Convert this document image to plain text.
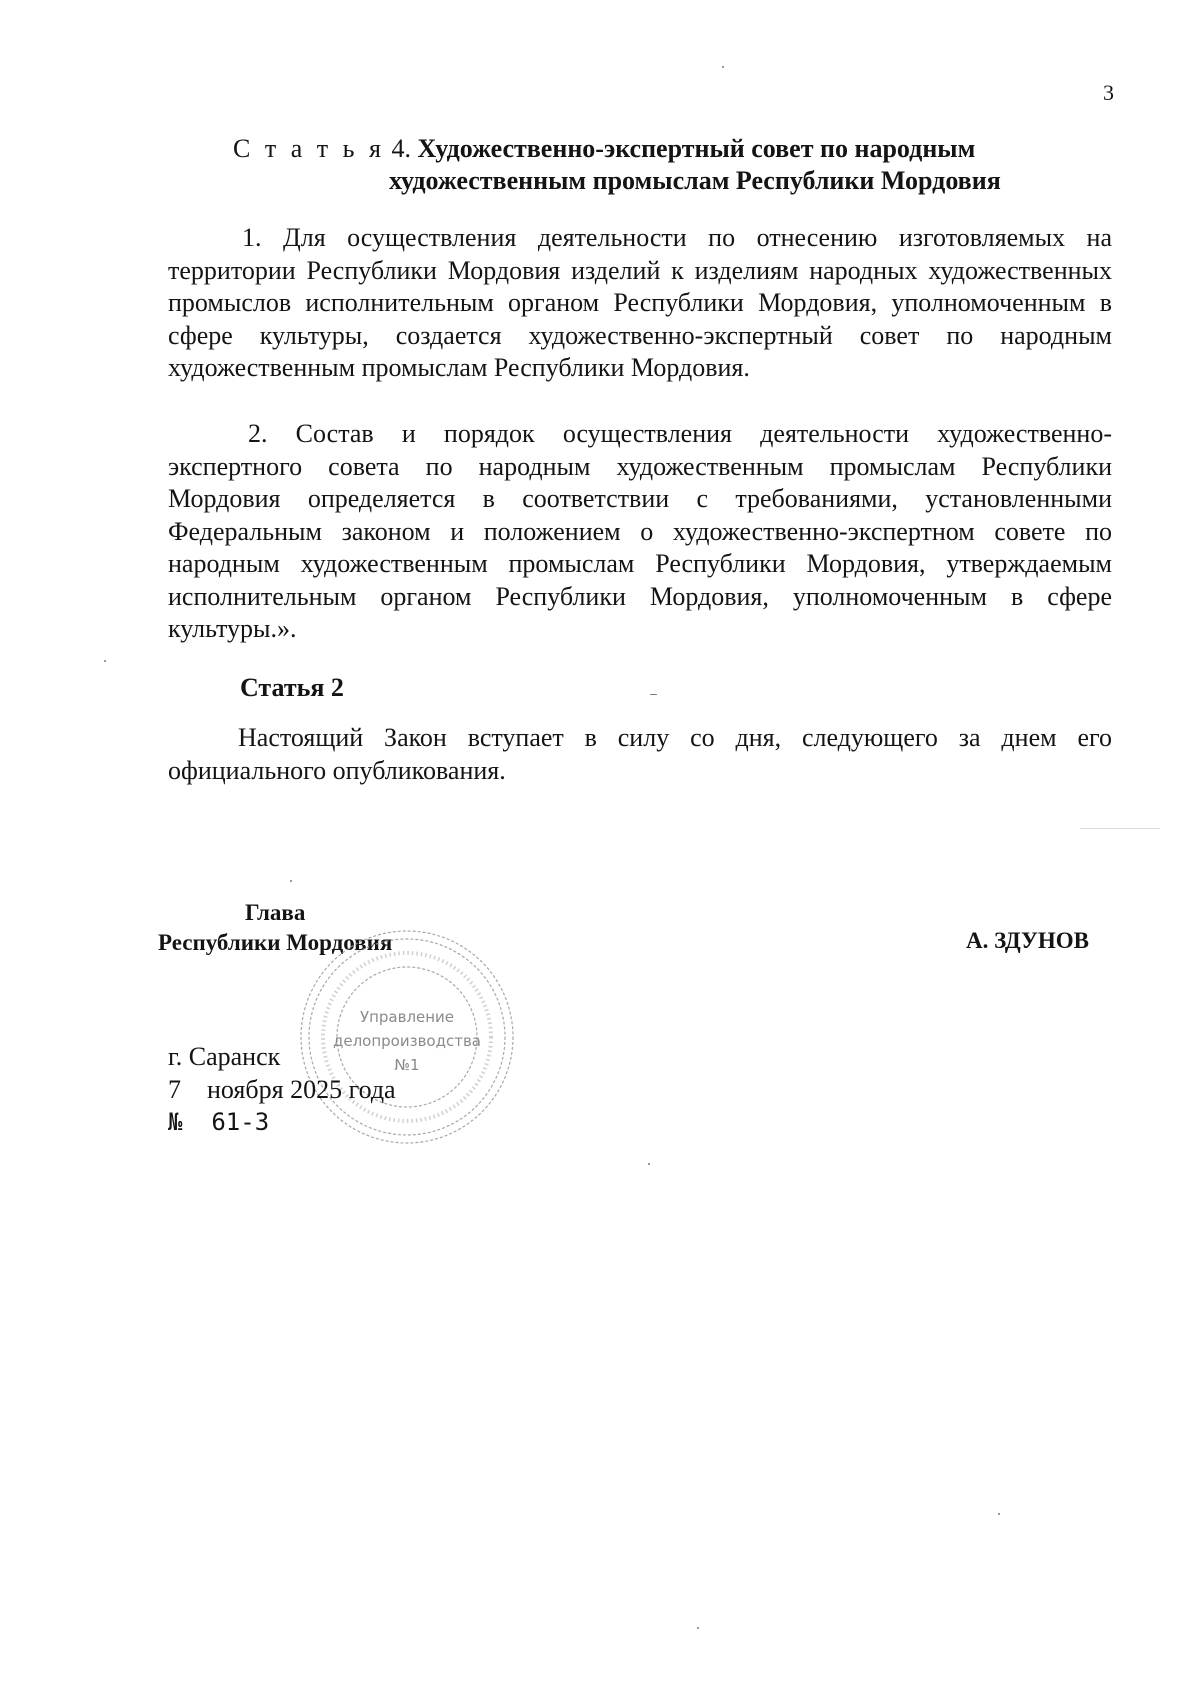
3
С т а т ь я 4. Художественно-экспертный совет по народным
художественным промыслам Республики Мордовия

1. Для осуществления деятельности по отнесению изготовляемых на территории Республики Мордовия изделий к изделиям народных художественных промыслов исполнительным органом Республики Мордовия, уполномоченным в сфере культуры, создается художественно-экспертный совет по народным художественным промыслам Республики Мордовия.

2. Состав и порядок осуществления деятельности художественно-экспертного совета по народным художественным промыслам Республики Мордовия определяется в соответствии с требованиями, установленными Федеральным законом и положением о художественно-экспертном совете по народным художественным промыслам Республики Мордовия, утверждаемым исполнительным органом Республики Мордовия, уполномоченным в сфере культуры.».

Статья 2

Настоящий Закон вступает в силу со дня, следующего за днем его официального опубликования.

Глава
Республики Мордовия	А. ЗДУНОВ
Управление
делопроизводства
№1
г. Саранск
7    ноября 2025 года
№  61-З
